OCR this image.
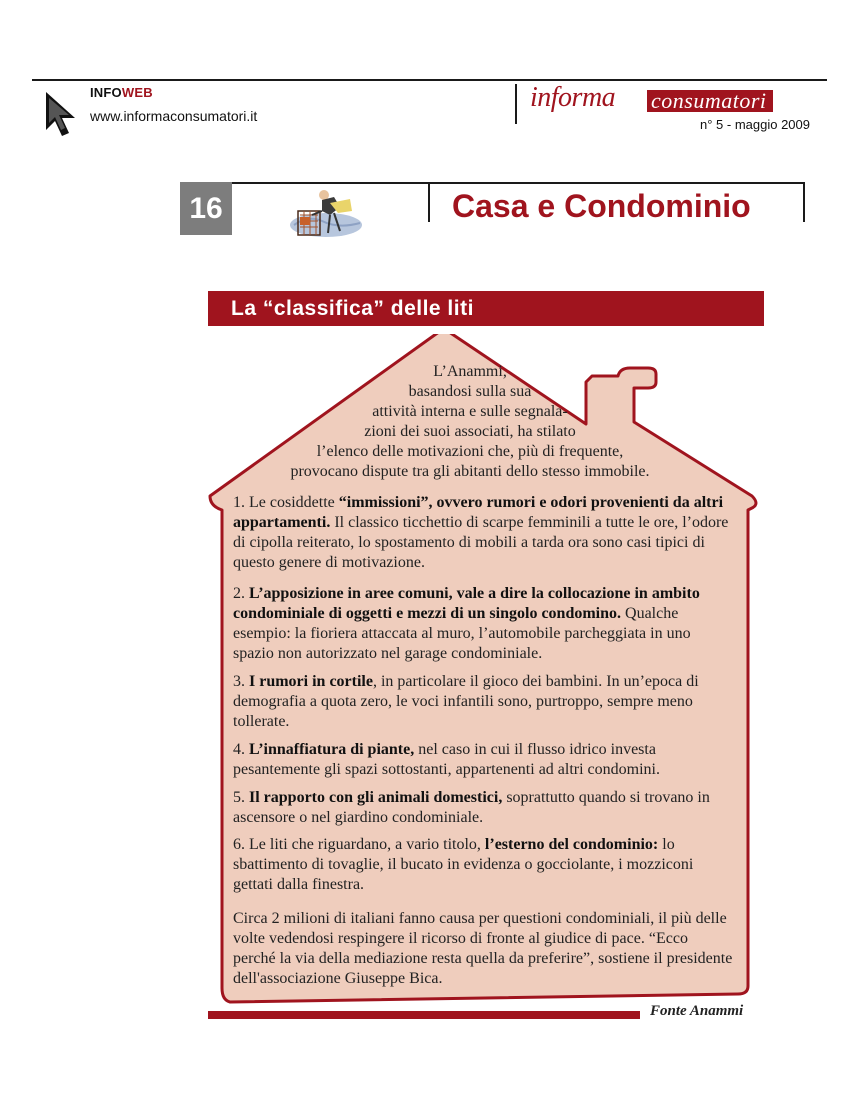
INFOWEB
www.informaconsumatori.it
informa consumatori
n° 5 - maggio 2009
16	Casa e Condominio
La “classifica” delle liti
L’Anammi,
basandosi sulla sua
attività interna e sulle segnala-
zioni dei suoi associati, ha stilato
l’elenco delle motivazioni che, più di frequente,
provocano dispute tra gli abitanti dello stesso immobile.
1. Le cosiddette “immissioni”, ovvero rumori e odori provenienti da altri appartamenti. Il classico ticchettio di scarpe femminili a tutte le ore, l’odore di cipolla reiterato, lo spostamento di mobili a tarda ora sono casi tipici di questo genere di motivazione.
2. L’apposizione in aree comuni, vale a dire la collocazione in ambito condominiale di oggetti e mezzi di un singolo condomino. Qualche esempio: la fioriera attaccata al muro, l’automobile parcheggiata in uno spazio non autorizzato nel garage condominiale.
3. I rumori in cortile, in particolare il gioco dei bambini. In un’epoca di demografia a quota zero, le voci infantili sono, purtroppo, sempre meno tollerate.
4. L’innaffiatura di piante, nel caso in cui il flusso idrico investa pesantemente gli spazi sottostanti, appartenenti ad altri condomini.
5. Il rapporto con gli animali domestici, soprattutto quando si trovano in ascensore o nel giardino condominiale.
6. Le liti che riguardano, a vario titolo, l’esterno del condominio: lo sbattimento di tovaglie, il bucato in evidenza o gocciolante, i mozziconi gettati dalla finestra.
Circa 2 milioni di italiani fanno causa per questioni condominiali, il più delle volte vedendosi respingere il ricorso di fronte al giudice di pace. “Ecco perché la via della mediazione resta quella da preferire”, sostiene il presidente dell'associazione Giuseppe Bica.
Fonte Anammi
